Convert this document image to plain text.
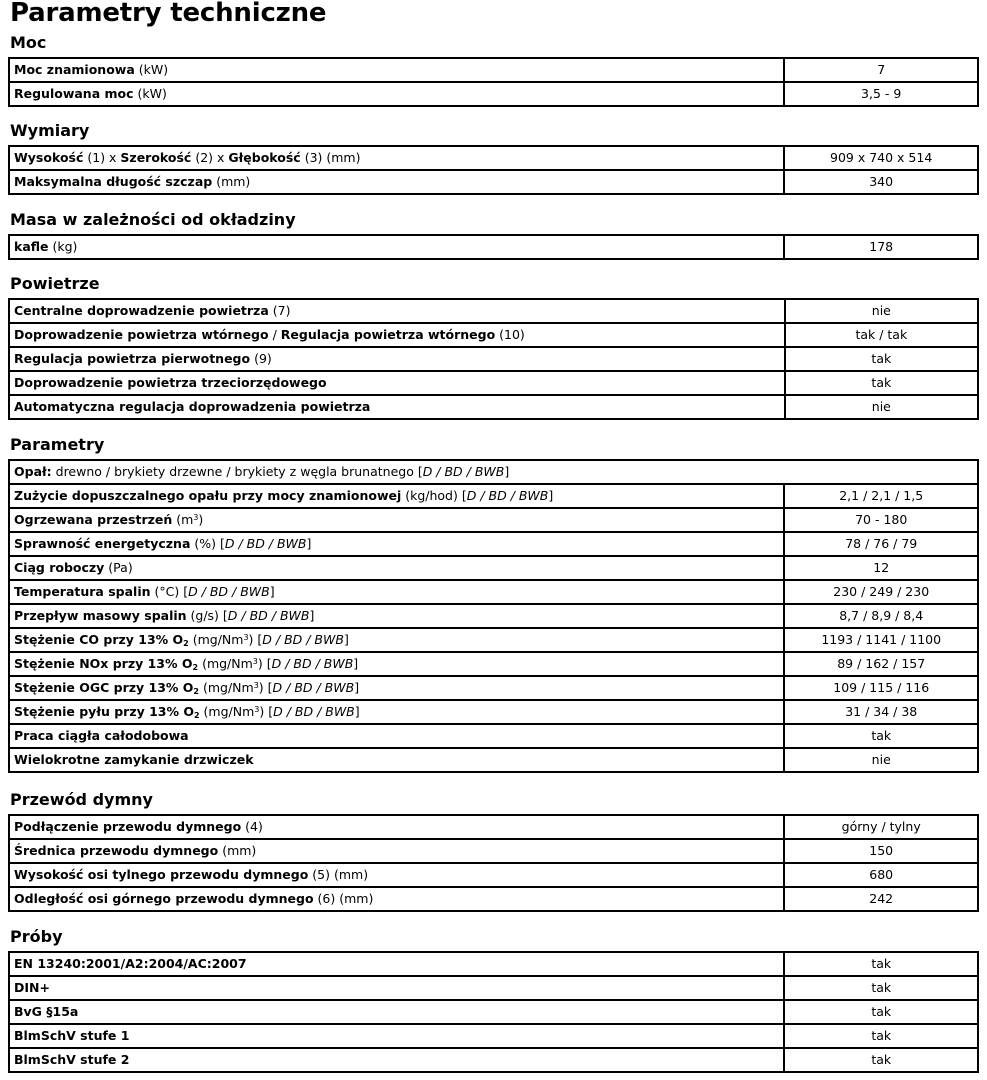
Parametry techniczne
Moc
Moc znamionowa (kW)	7
Regulowana moc (kW)	3,5 - 9
Wymiary
Wysokość (1) x Szerokość (2) x Głębokość (3) (mm)	909 x 740 x 514
Maksymalna długość szczap (mm)	340
Masa w zależności od okładziny
kafle (kg)	178
Powietrze
Centralne doprowadzenie powietrza (7)	nie
Doprowadzenie powietrza wtórnego / Regulacja powietrza wtórnego (10)	tak / tak
Regulacja powietrza pierwotnego (9)	tak
Doprowadzenie powietrza trzeciorzędowego	tak
Automatyczna regulacja doprowadzenia powietrza	nie
Parametry
Opał: drewno / brykiety drzewne / brykiety z węgla brunatnego [D / BD / BWB]	
Zużycie dopuszczalnego opału przy mocy znamionowej (kg/hod) [D / BD / BWB]	2,1 / 2,1 / 1,5
Ogrzewana przestrzeń $(m^3)$	70 - 180
Sprawność energetyczna (%) [D / BD / BWB]	78 / 76 / 79
Ciąg roboczy (Pa)	12
Temperatura spalin (°C) [D / BD / BWB]	230 / 249 / 230
Przepływ masowy spalin (g/s) [D / BD / BWB]	8,7 / 8,9 / 8,4
Stężenie CO przy 13% $O_2$ (mg/Nm$^3$) [D / BD / BWB]	1193 / 1141 / 1100
Stężenie NOx przy 13% $O_2$ (mg/Nm$^3$) [D / BD / BWB]	89 / 162 / 157
Stężenie OGC przy 13% $O_2$ (mg/Nm$^3$) [D / BD / BWB]	109 / 115 / 116
Stężenie pyłu przy 13% $O_2$ (mg/Nm$^3$) [D / BD / BWB]	31 / 34 / 38
Praca ciągła całodobowa	tak
Wielokrotne zamykanie drzwiczek	nie
Przewód dymny
Podłączenie przewodu dymnego (4)	górny / tylny
Średnica przewodu dymnego (mm)	150
Wysokość osi tylnego przewodu dymnego (5) (mm)	680
Odległość osi górnego przewodu dymnego (6) (mm)	242
Próby
EN 13240:2001/A2:2004/AC:2007	tak
DIN+	tak
BvG §15a	tak
BlmSchV stufe 1	tak
BlmSchV stufe 2	tak
